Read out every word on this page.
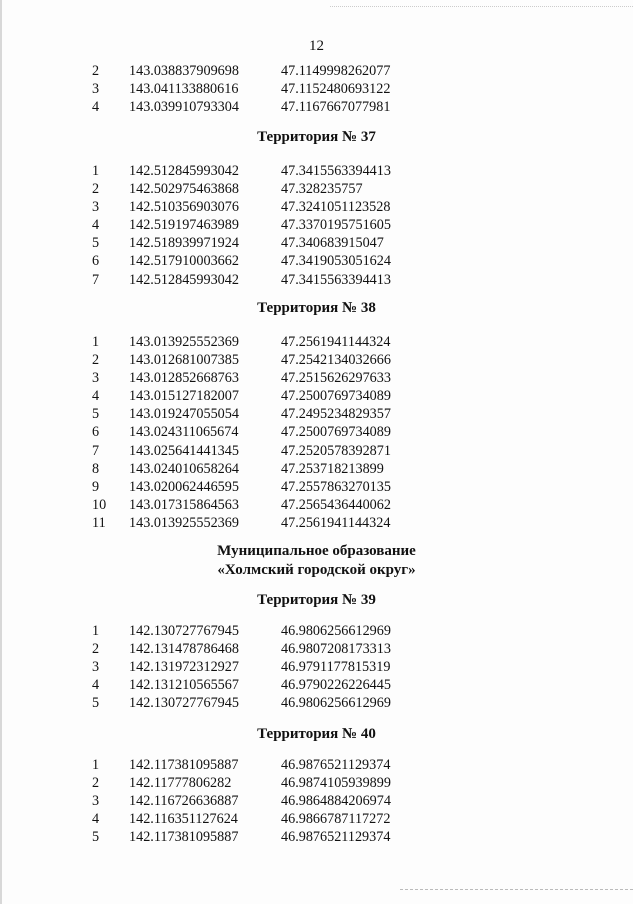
12
2	143.038837909698	47.1149998262077
3	143.041133880616	47.1152480693122
4	143.039910793304	47.1167667077981
Территория № 37
1	142.512845993042	47.3415563394413
2	142.502975463868	47.328235757
3	142.510356903076	47.3241051123528
4	142.519197463989	47.3370195751605
5	142.518939971924	47.340683915047
6	142.517910003662	47.3419053051624
7	142.512845993042	47.3415563394413
Территория № 38
1	143.013925552369	47.2561941144324
2	143.012681007385	47.2542134032666
3	143.012852668763	47.2515626297633
4	143.015127182007	47.2500769734089
5	143.019247055054	47.2495234829357
6	143.024311065674	47.2500769734089
7	143.025641441345	47.2520578392871
8	143.024010658264	47.253718213899
9	143.020062446595	47.2557863270135
10	143.017315864563	47.2565436440062
11	143.013925552369	47.2561941144324
Муниципальное образование
«Холмский городской округ»
Территория № 39
1	142.130727767945	46.9806256612969
2	142.131478786468	46.9807208173313
3	142.131972312927	46.9791177815319
4	142.131210565567	46.9790226226445
5	142.130727767945	46.9806256612969
Территория № 40
1	142.117381095887	46.9876521129374
2	142.11777806282	46.9874105939899
3	142.116726636887	46.9864884206974
4	142.116351127624	46.9866787117272
5	142.117381095887	46.9876521129374
